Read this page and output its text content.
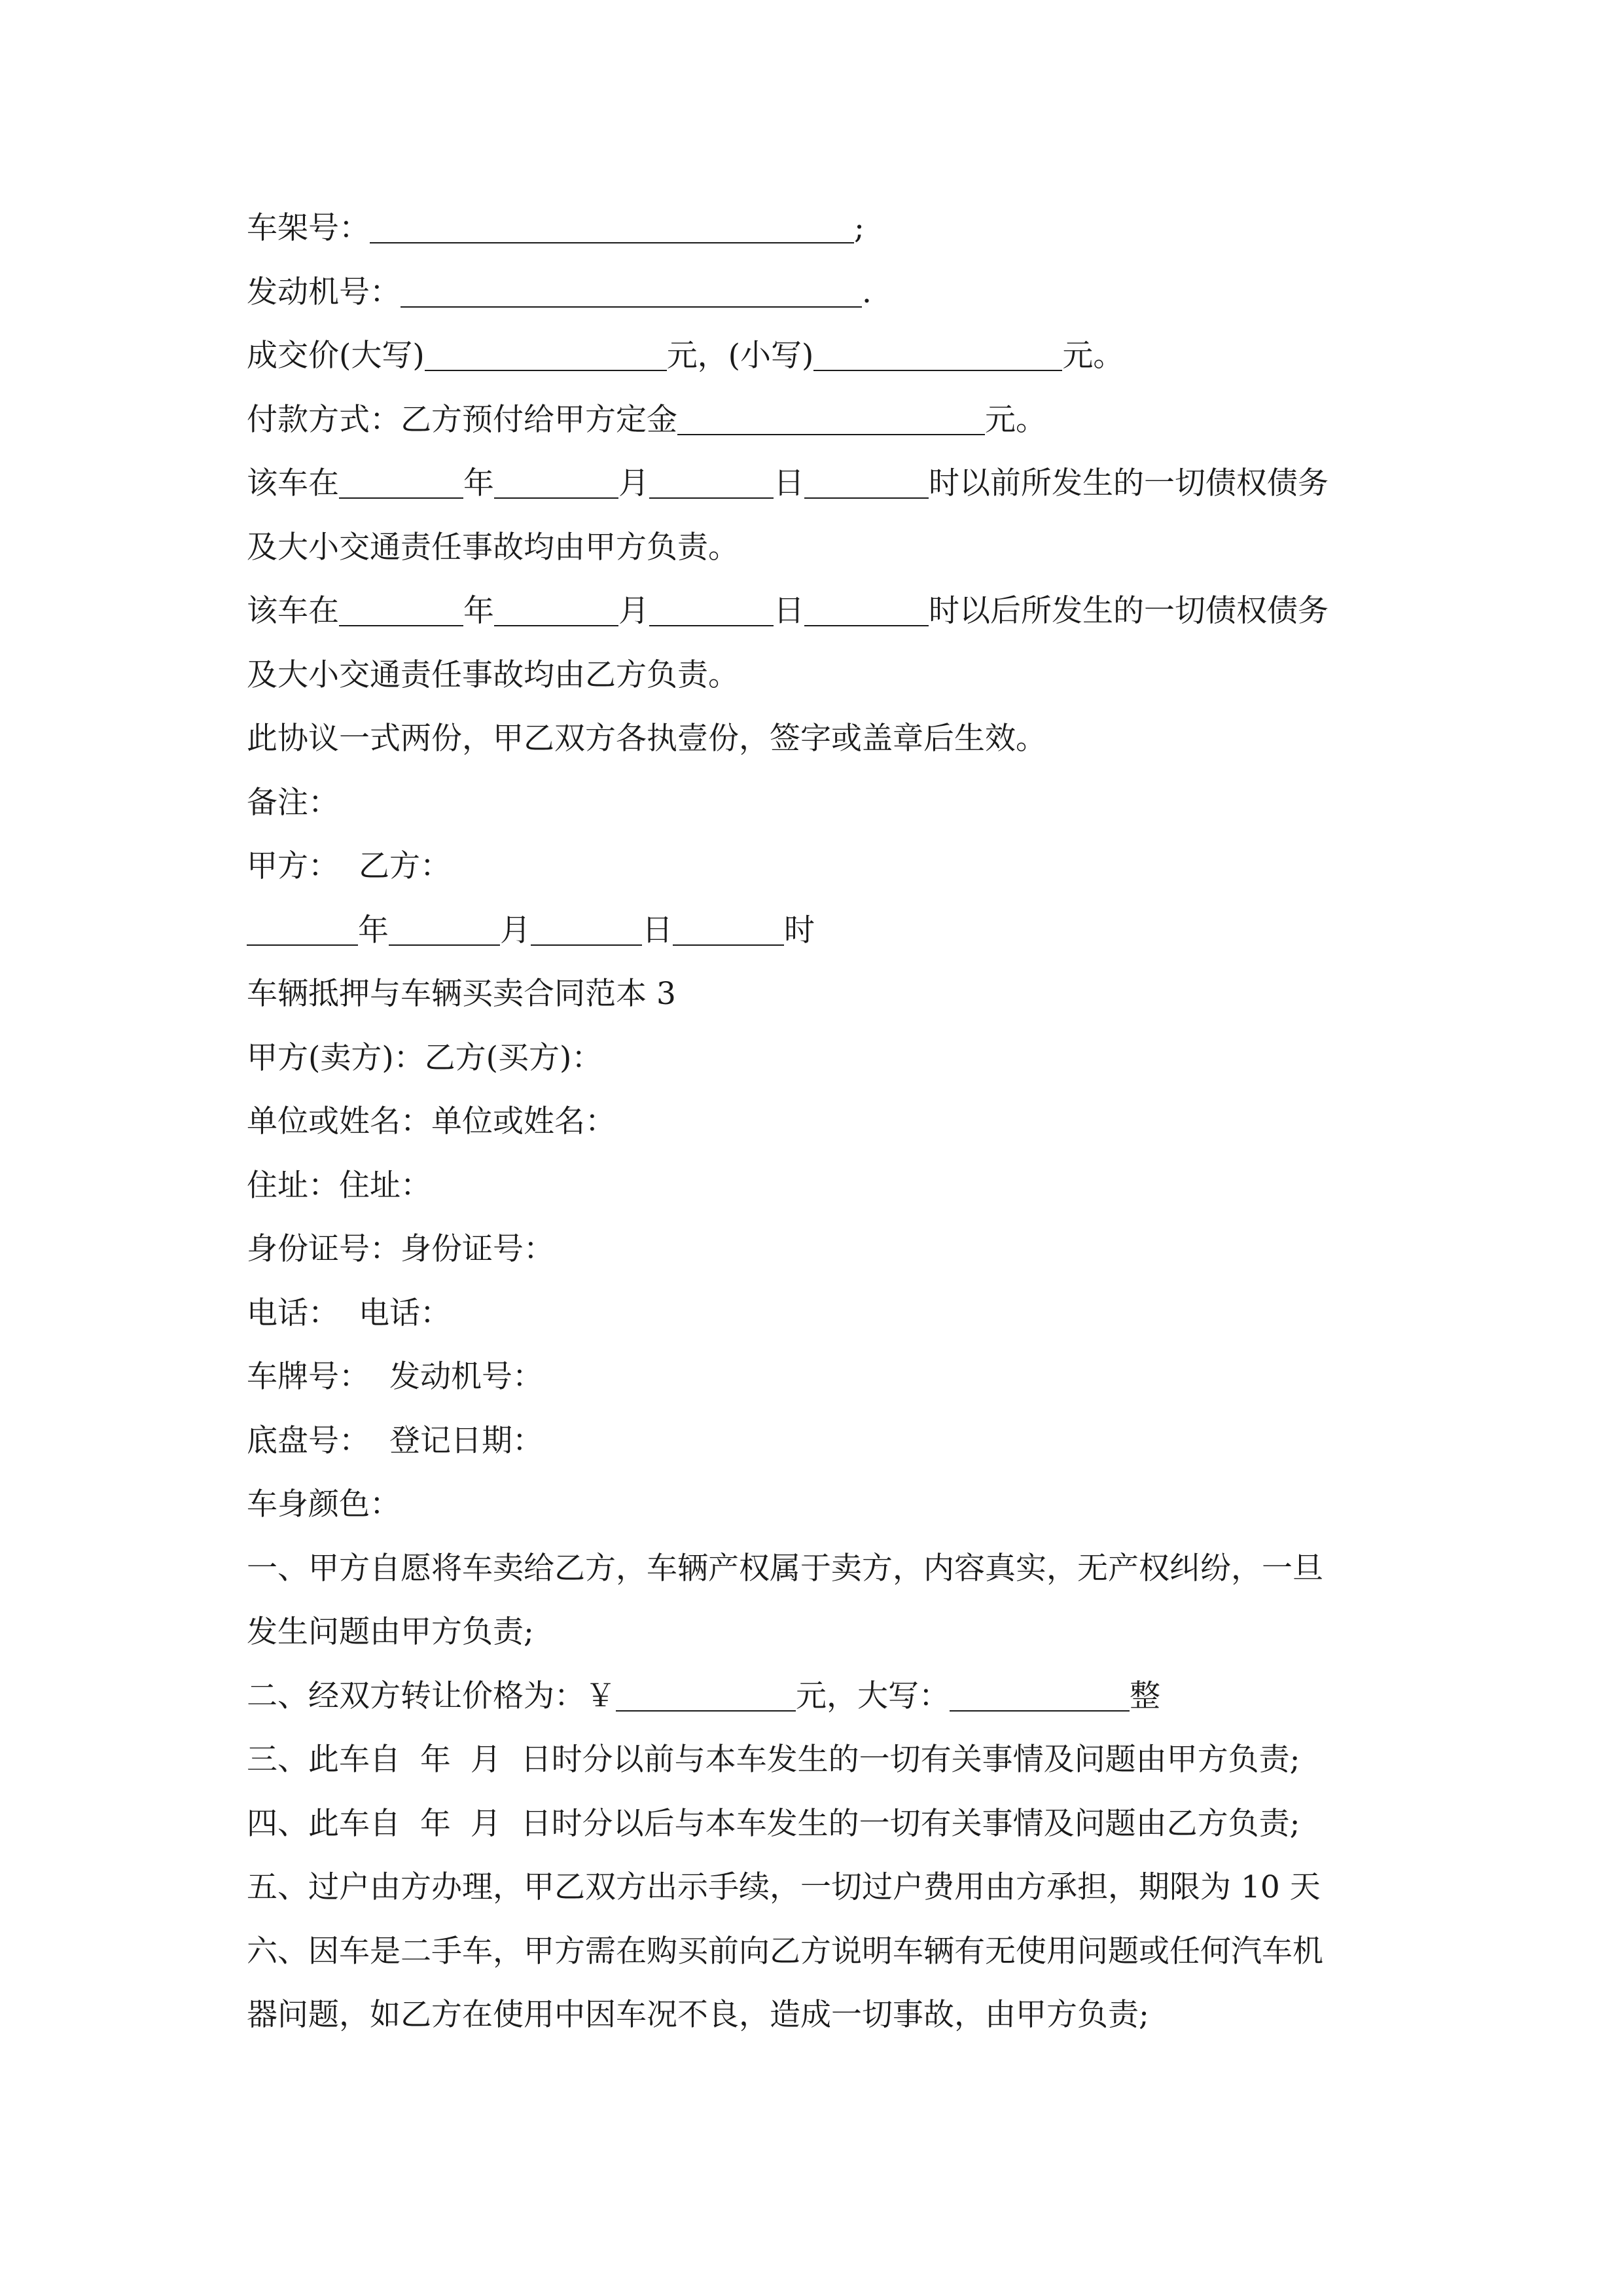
车架号：	;
发动机号：	.
成交价(大写)	元，(小写)	元。
付款方式：乙方预付给甲方定金	元。
该车在	年	月	日	时以前所发生的一切债权债务
及大小交通责任事故均由甲方负责。
该车在	年	月	日	时以后所发生的一切债权债务
及大小交通责任事故均由乙方负责。
此协议一式两份，甲乙双方各执壹份，签字或盖章后生效。
备注：
甲方： 乙方：
年	月	日	时
车辆抵押与车辆买卖合同范本 3
甲方(卖方)：乙方(买方)：
单位或姓名：单位或姓名：
住址：住址：
身份证号：身份证号：
电话： 电话：
车牌号： 发动机号：
底盘号： 登记日期：
车身颜色：
一、甲方自愿将车卖给乙方，车辆产权属于卖方，内容真实，无产权纠纷，一旦
发生问题由甲方负责;
二、经双方转让价格为：￥	元，大写：	整
三、此车自  年  月  日时分以前与本车发生的一切有关事情及问题由甲方负责;
四、此车自  年  月  日时分以后与本车发生的一切有关事情及问题由乙方负责;
五、过户由方办理，甲乙双方出示手续，一切过户费用由方承担，期限为 10 天
六、因车是二手车，甲方需在购买前向乙方说明车辆有无使用问题或任何汽车机
器问题，如乙方在使用中因车况不良，造成一切事故，由甲方负责;
